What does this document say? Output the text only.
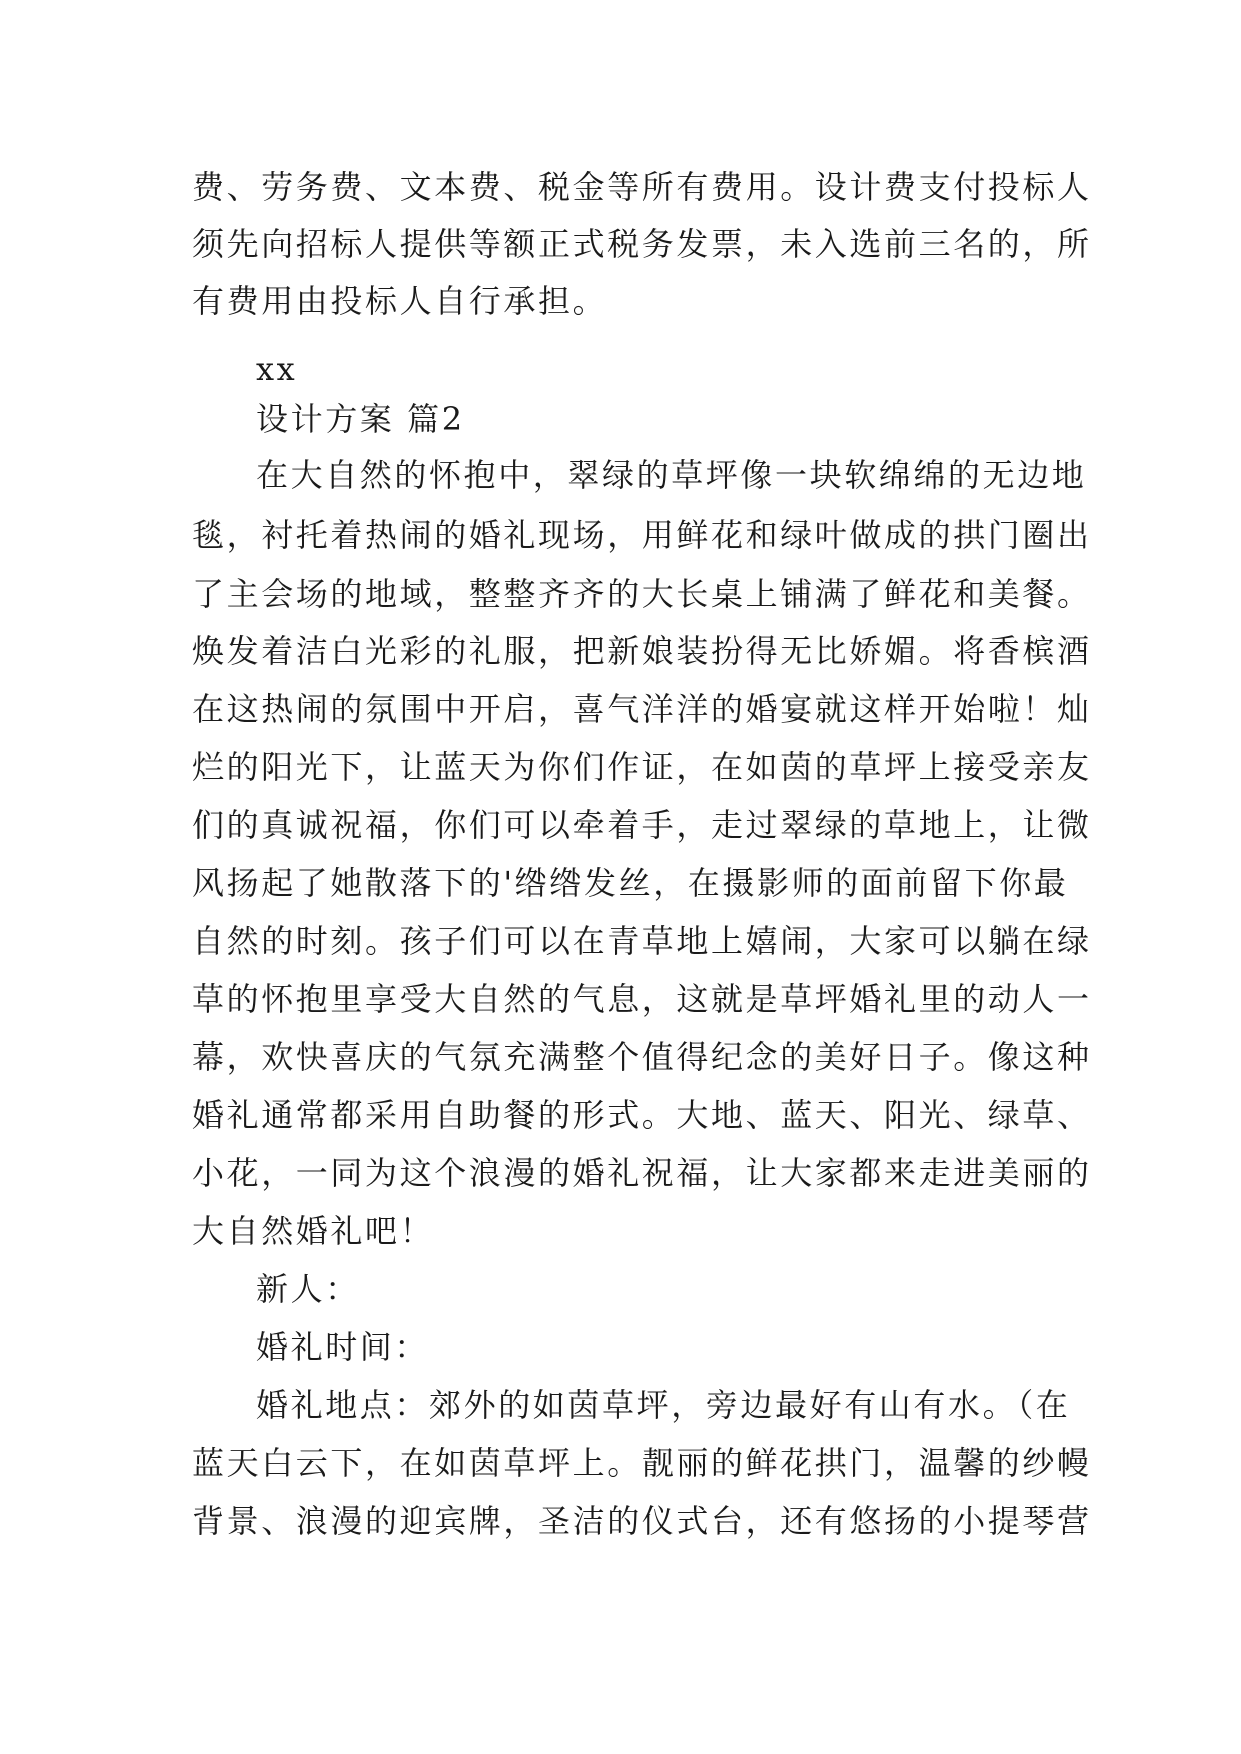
费、劳务费、文本费、税金等所有费用。设计费支付投标人
须先向招标人提供等额正式税务发票，未入选前三名的，所
有费用由投标人自行承担。
xx
设计方案 篇2
在大自然的怀抱中，翠绿的草坪像一块软绵绵的无边地
毯，衬托着热闹的婚礼现场，用鲜花和绿叶做成的拱门圈出
了主会场的地域，整整齐齐的大长桌上铺满了鲜花和美餐。
焕发着洁白光彩的礼服，把新娘装扮得无比娇媚。将香槟酒
在这热闹的氛围中开启，喜气洋洋的婚宴就这样开始啦！灿
烂的阳光下，让蓝天为你们作证，在如茵的草坪上接受亲友
们的真诚祝福，你们可以牵着手，走过翠绿的草地上，让微
风扬起了她散落下的'绺绺发丝，在摄影师的面前留下你最
自然的时刻。孩子们可以在青草地上嬉闹，大家可以躺在绿
草的怀抱里享受大自然的气息，这就是草坪婚礼里的动人一
幕，欢快喜庆的气氛充满整个值得纪念的美好日子。像这种
婚礼通常都采用自助餐的形式。大地、蓝天、阳光、绿草、
小花，一同为这个浪漫的婚礼祝福，让大家都来走进美丽的
大自然婚礼吧！
新人：
婚礼时间：
婚礼地点：郊外的如茵草坪，旁边最好有山有水。（在
蓝天白云下，在如茵草坪上。靓丽的鲜花拱门，温馨的纱幔
背景、浪漫的迎宾牌，圣洁的仪式台，还有悠扬的小提琴营
